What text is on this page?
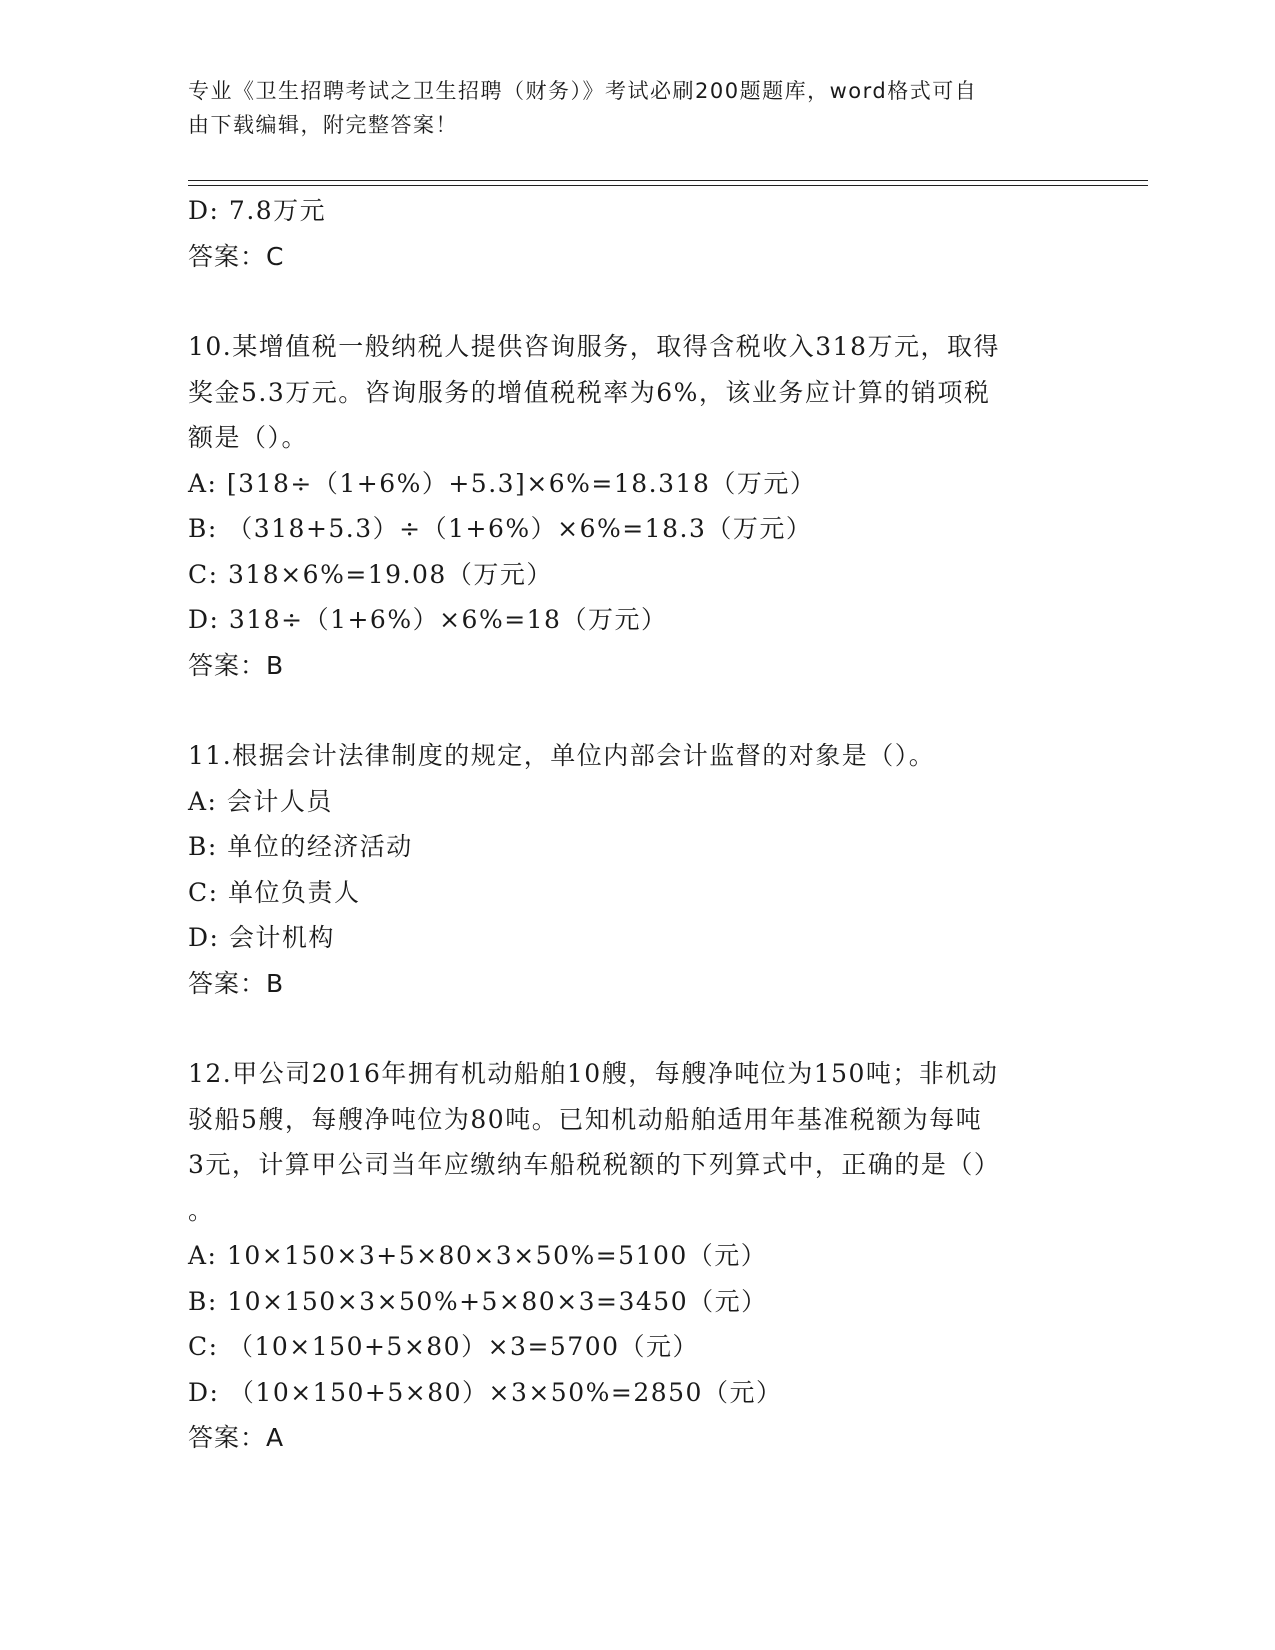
专业《卫生招聘考试之卫生招聘（财务）》考试必刷200题题库，word格式可自
由下载编辑，附完整答案！
D: 7.8万元
答案：C
10.某增值税一般纳税人提供咨询服务，取得含税收入318万元，取得
奖金5.3万元。咨询服务的增值税税率为6%，该业务应计算的销项税
额是（）。
A: [318÷（1+6%）+5.3]×6%=18.318（万元）
B: （318+5.3）÷（1+6%）×6%=18.3（万元）
C: 318×6%=19.08（万元）
D: 318÷（1+6%）×6%=18（万元）
答案：B
11.根据会计法律制度的规定，单位内部会计监督的对象是（）。
A: 会计人员
B: 单位的经济活动
C: 单位负责人
D: 会计机构
答案：B
12.甲公司2016年拥有机动船舶10艘，每艘净吨位为150吨；非机动
驳船5艘，每艘净吨位为80吨。已知机动船舶适用年基准税额为每吨
3元，计算甲公司当年应缴纳车船税税额的下列算式中，正确的是（）
。
A: 10×150×3+5×80×3×50%=5100（元）
B: 10×150×3×50%+5×80×3=3450（元）
C: （10×150+5×80）×3=5700（元）
D: （10×150+5×80）×3×50%=2850（元）
答案：A
